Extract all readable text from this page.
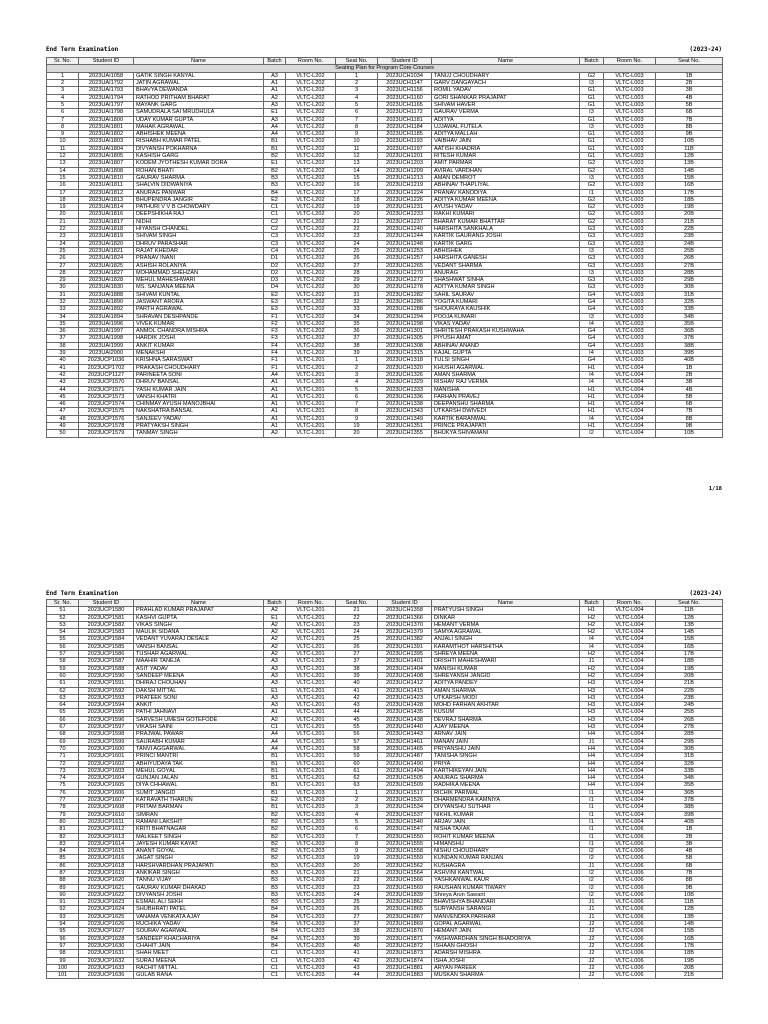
End Term Examination	(2023-24)
Seating Plan for Program Core Courses										
Sr. No.	Student ID	Name	Batch	Room No.	Seat No.	Student ID	Name	Batch	Room No.	Seat No.
1	2023UAI1058	GATIK SINGH KANYAL	A3	VLTC-L202	1	2023UCH1034	TANUJ CHOUDHARY	G2	VLTC-L003	1B
2	2023UAI1792	JATIN AGRAWAL	A1	VLTC-L202	2	2023UCH1147	GARV DANGAYACH	I3	VLTC-L003	2B
3	2023UAI1793	BHAVYA DEWANDA	A1	VLTC-L202	3	2023UCH1156	ROMIL YADAV	G1	VLTC-L003	3B
4	2023UAI1794	RATHOD PRITHAM BHARAT	A2	VLTC-L202	4	2023UCH1160	GORI SHANKAR PRAJAPAT	G1	VLTC-L003	4B
5	2023UAI1797	MAYANK GARG	A3	VLTC-L202	5	2023UCH1165	SHIVAM HAVER	G1	VLTC-L003	5B
6	2023UAI1798	SAMUDRALA SAI MRUDHULA	E1	VLTC-L202	6	2023UCH1172	GAURAV VERMA	I3	VLTC-L003	6B
7	2023UAI1800	UDAY KUMAR GUPTA	A3	VLTC-L202	7	2023UCH1181	ADITYA	G1	VLTC-L003	7B
8	2023UAI1801	MAHAK AGRAWAL	A4	VLTC-L202	8	2023UCH1184	UJJAWAL FUTELA	I3	VLTC-L003	8B
9	2023UAI1802	ABHISHEK MEENA	A4	VLTC-L202	9	2023UCH1185	ADITYA MALLAH	G1	VLTC-L003	9B
10	2023UAI1803	RISHABH KUMAR PATEL	B1	VLTC-L202	10	2023UCH1193	VAIBHAV JAIN	G1	VLTC-L003	10B
11	2023UAI1804	DIVYANSH POKHARNA	B1	VLTC-L202	11	2023UCH1197	AATISH KHADRIA	G1	VLTC-L003	11B
12	2023UAI1805	KASHISH GARG	B2	VLTC-L202	12	2023UCH1201	RITESH KUMAR	G1	VLTC-L003	12B
13	2023UAI1807	KODEM JYOTHESH KUMAR DORA	E1	VLTC-L202	13	2023UCH1203	AMIT PARMAR	G2	VLTC-L003	13B
14	2023UAI1808	ROHAN BHATI	B2	VLTC-L202	14	2023UCH1209	AVIRAL VARDHAN	G2	VLTC-L003	14B
15	2023UAI1810	GAURAV SHARMA	B3	VLTC-L202	15	2023UCH1213	AMAN DEMROT	I3	VLTC-L003	15B
16	2023UAI1811	SHALVIN DIDWANIYA	B3	VLTC-L202	16	2023UCH1219	ABHINAV THAPLIYAL	G2	VLTC-L003	16B
17	2023UAI1812	ANURAG PANWAR	B4	VLTC-L202	17	2023UCH1224	PRANAV KANODIYA	I1	VLTC-L003	17B
18	2023UAI1813	BHUPENDRA JANGIR	E2	VLTC-L202	18	2023UCH1226	ADITYA KUMAR MEENA	G2	VLTC-L003	18B
19	2023UAI1814	PATHURI V V B CHOWDARY	C1	VLTC-L202	19	2023UCH1231	AYUSH YADAV	G2	VLTC-L003	19B
20	2023UAI1816	DEEPSHIKHA RAJ	C1	VLTC-L202	20	2023UCH1233	RAKHI KUMARI	G2	VLTC-L003	20B
21	2023UAI1817	NIDHI	C2	VLTC-L202	21	2023UCH1237	BHARAT KUMAR BHATTAR	G2	VLTC-L003	21B
22	2023UAI1818	HIYANSH CHANDEL	C2	VLTC-L202	22	2023UCH1240	HARSHITA SANKHALA	G3	VLTC-L003	22B
23	2023UAI1819	SHIVAM SINGH	C3	VLTC-L202	23	2023UCH1244	KARTIK GAURANG JOSHI	G3	VLTC-L003	23B
24	2023UAI1820	DHRUV PARASHAR	C3	VLTC-L202	24	2023UCH1248	KARTIK GARG	G3	VLTC-L003	24B
25	2023UAI1821	RAJAT KHEDAR	C4	VLTC-L202	25	2023UCH1253	ABHISHEK	I3	VLTC-L003	25B
26	2023UAI1824	PRANAV INANI	D1	VLTC-L202	26	2023UCH1257	HARSHITA GANESH	G3	VLTC-L003	26B
27	2023UAI1825	ASHISH ROLANIYA	D2	VLTC-L202	27	2023UCH1265	VEDANT SHARMA	G3	VLTC-L003	27B
28	2023UAI1827	MOHAMMAD SHEHZAN	D2	VLTC-L202	28	2023UCH1270	ANURAG	I3	VLTC-L003	28B
29	2023UAI1828	MEHUL MAHESHWARI	D3	VLTC-L202	29	2023UCH1272	SHASHWAT SINHA	G3	VLTC-L003	29B
30	2023UAI1830	MS. SANJANA MEENA	D4	VLTC-L202	30	2023UCH1278	ADITYA KUMAR SINGH	G3	VLTC-L003	30B
31	2023UAI1888	SHIVAM KUNTAL	E2	VLTC-L202	31	2023UCH1282	SAHIL SAURAV	G4	VLTC-L003	31B
32	2023UAI1890	JASWANT ARORA	E3	VLTC-L202	32	2023UCH1286	YOGITA KUMARI	G4	VLTC-L003	32B
33	2023UAI1892	PARTH AGRAWAL	E3	VLTC-L202	33	2023UCH1288	SHOURAYA KAUSHIK	G4	VLTC-L003	33B
34	2023UAI1894	SHRAVAN DESHPANDE	F1	VLTC-L202	34	2023UCH1294	POOJA KUMARI	I3	VLTC-L003	34B
35	2023UAI1996	VIVEK KUMAR	F2	VLTC-L202	35	2023UCH1298	VIKAS YADAV	I4	VLTC-L003	35B
36	2023UAI1997	ANMOL CHANDRA MISHRA	F3	VLTC-L202	36	2023UCH1301	SHRITESH PRAKASH KUSHWAHA	G4	VLTC-L003	36B
37	2023UAI1998	HARDIK JOSHI	F3	VLTC-L202	37	2023UCH1305	PIYUSH AMAT	G4	VLTC-L003	37B
38	2023UAI1999	ANKIT KUMAR	F4	VLTC-L202	38	2023UCH1308	ABHINAV ANAND	G4	VLTC-L003	38B
39	2023UAI2000	MENAKSHI	F4	VLTC-L202	39	2023UCH1315	KAJAL GUPTA	I4	VLTC-L003	39B
40	2023UCP1036	KRISHNA SARASWAT	F1	VLTC-L201	1	2023UCH1318	TULSI SINGH	G4	VLTC-L003	40B
41	2023UCP1702	PRAKASH CHOUDHARY	F1	VLTC-L201	2	2023UCH1320	KHUSHI AGARWAL	H1	VLTC-L004	1B
42	2023UCP1127	PARINEETA SONI	A4	VLTC-L201	3	2023UCH1326	AMAN SHARMA	I4	VLTC-L004	2B
43	2023UCP1570	DHRUV BANSAL	A1	VLTC-L201	4	2023UCH1329	RISHAV RAJ VERMA	I4	VLTC-L004	3B
44	2023UCP1571	YASH KUMAR JAIN	A1	VLTC-L201	5	2023UCH1333	MANISHA	H1	VLTC-L004	4B
45	2023UCP1573	VANSH KHATRI	A1	VLTC-L201	6	2023UCH1336	FARHAN PRAVEJ	H1	VLTC-L004	5B
46	2023UCP1574	CHINMAY AYUSH MANOJBHAI	A1	VLTC-L201	7	2023UCH1338	DEEPANSHU SHARMA	H1	VLTC-L004	6B
47	2023UCP1575	NAKSHATRA BANSAL	A1	VLTC-L201	8	2023UCH1343	UTKARSH DWIVEDI	H1	VLTC-L004	7B
48	2023UCP1576	SANJEEV YADAV	A1	VLTC-L201	9	2023UCH1349	KARTIK BARANWAL	I4	VLTC-L004	8B
49	2023UCP1578	PRATYAKSH SINGH	A1	VLTC-L201	19	2023UCH1351	PRINCE PRAJAPATI	H1	VLTC-L004	9B
50	2023UCP1579	TANMAY SINGH	A2	VLTC-L201	20	2023UCH1355	BHUKYA SHIVAMANI	I2	VLTC-L004	10B
1/18
End Term Examination	(2023-24)
Sr. No.	Student ID	Name	Batch	Room No.	Seat No.	Student ID	Name	Batch	Room No.	Seat No.
51	2023UCP1580	PRAHLAD KUMAR PRAJAPAT	A2	VLTC-L201	21	2023UCH1358	PRATYUSH SINGH	H1	VLTC-L004	11B
52	2023UCP1581	KASHVI GUPTA	E1	VLTC-L201	22	2023UCH1366	DINKAR	H2	VLTC-L004	12B
53	2023UCP1582	VIKAS SINGH	A2	VLTC-L201	23	2023UCH1370	HEMANT VERMA	H2	VLTC-L004	13B
54	2023UCP1583	MAULIK SIDANA	A2	VLTC-L201	24	2023UCH1379	SAMYA AGRAWAL	H2	VLTC-L004	14B
55	2023UCP1584	VEDANT YUVARAJ DESALE	A2	VLTC-L201	25	2023UCH1382	ANJALI SINGH	I4	VLTC-L004	15B
56	2023UCP1585	VANSH BANSAL	A2	VLTC-L201	26	2023UCH1391	KARAMTHOT HARSHITHA	I4	VLTC-L004	16B
57	2023UCP1586	TUSHAR AGARWAL	A2	VLTC-L201	27	2023UCH1395	SHREYA MEENA	H2	VLTC-L004	17B
58	2023UCP1587	MAAHIR TANEJA	A3	VLTC-L201	37	2023UCH1401	DRISHTI MAHESHWARI	J1	VLTC-L004	18B
59	2023UCP1588	ASIT YADAV	A3	VLTC-L201	38	2023UCH1404	MANISH KUMAR	H2	VLTC-L004	19B
60	2023UCP1590	SANDEEP MEENA	A3	VLTC-L201	39	2023UCH1408	SHREYANSH JANGID	H2	VLTC-L004	20B
61	2023UCP1591	DHIRAJ CHOUHAN	A3	VLTC-L201	40	2023UCH1412	ADITYA PANDEY	H3	VLTC-L004	21B
62	2023UCP1592	DAKSH MITTAL	E1	VLTC-L201	41	2023UCH1415	AMAN SHARMA	H3	VLTC-L004	22B
63	2023UCP1593	PRATEEK SONI	A3	VLTC-L201	42	2023UCH1423	UTKARSH MODI	H3	VLTC-L004	23B
64	2023UCP1594	ANKIT	A3	VLTC-L201	43	2023UCH1428	MOHD FARHAN AKHTAR	H3	VLTC-L004	24B
65	2023UCP1595	PATHI JAHNAVI	A1	VLTC-L201	44	2023UCH1435	KUSUM	H3	VLTC-L004	25B
66	2023UCP1596	SARVESH UMESH GOTEFODE	A2	VLTC-L201	45	2023UCH1438	DEVRAJ SHARMA	H3	VLTC-L004	26B
67	2023UCP1597	VIKASH SAINI	C1	VLTC-L201	55	2023UCH1440	AJAY MEENA	H3	VLTC-L004	27B
68	2023UCP1598	PRAJWAL PAWAR	A4	VLTC-L201	56	2023UCH1443	ARNAV JAIN	H4	VLTC-L004	28B
69	2023UCP1599	SAURABH KUMAR	A4	VLTC-L201	57	2023UCH1461	MANAN JAIN	J1	VLTC-L004	29B
70	2023UCP1600	TANVI AGGARWAL	A4	VLTC-L201	58	2023UCH1465	PRIYANSHU JAIN	H4	VLTC-L004	30B
71	2023UCP1601	PRINCI MANTRI	B1	VLTC-L201	59	2023UCH1487	TANISHA SINGH	H4	VLTC-L004	31B
72	2023UCP1602	ABHIYUDAYA TAK	B1	VLTC-L201	60	2023UCH1490	PRIYA	H4	VLTC-L004	32B
73	2023UCP1603	MEHUL GOYAL	B1	VLTC-L201	61	2023UCH1494	KARTHIKEYAN JAIN	H4	VLTC-L004	33B
74	2023UCP1604	GUNJAN JALAN	B1	VLTC-L201	62	2023UCH1505	ANURAG SHARMA	H4	VLTC-L004	34B
75	2023UCP1605	DIYA CHHAWAL	B1	VLTC-L201	63	2023UCH1509	RADHIKA MEENA	H4	VLTC-L004	35B
76	2023UCP1606	SUMIT JANGID	B1	VLTC-L203	1	2023UCH1517	RICHIK PARIWAL	I1	VLTC-L004	36B
77	2023UCP1607	KATRAVATH THARUN	E2	VLTC-L203	2	2023UCH1526	DHARMENDRA KAMNIYA	I1	VLTC-L004	37B
78	2023UCP1608	PRITAM BARMAN	B1	VLTC-L203	3	2023UCH1534	DIVYANSHU SUTHAR	I1	VLTC-L004	38B
79	2023UCP1610	SIMRAN	B2	VLTC-L203	4	2023UCH1537	NIKHIL KUMAR	I1	VLTC-L004	39B
80	2023UCP1611	RAMANI LAKSHIT	B2	VLTC-L203	5	2023UCH1540	ARJAV JAIN	I1	VLTC-L004	40B
81	2023UCP1612	KRITI BHATNAGAR	B2	VLTC-L203	6	2023UCH1547	NISHA TAXAK	I1	VLTC-L006	1B
82	2023UCP1613	MALKEET SINGH	B2	VLTC-L203	7	2023UCH1550	ROHIT KUMAR MEENA	I1	VLTC-L006	2B
83	2023UCP1614	JAYESH KUMAR KAYAT	B2	VLTC-L203	8	2023UCH1555	HIMANSHU	I1	VLTC-L006	3B
84	2023UCP1615	ANANT GOYAL	B2	VLTC-L203	9	2023UCH1558	NISHU CHOUDHARY	I2	VLTC-L006	4B
85	2023UCP1616	JAGAT SINGH	B2	VLTC-L203	19	2023UCH1559	KUNDAN KUMAR RANJAN	I2	VLTC-L006	5B
86	2023UCP1618	HARSHVARDHAN PRAJAPATI	B3	VLTC-L203	20	2023UCH1562	KUSHAGRA	J1	VLTC-L006	6B
87	2023UCP1619	ANKIKAR SINGH	B3	VLTC-L203	21	2023UCH1564	ASHVINI KANTWAL	I2	VLTC-L006	7B
88	2023UCP1620	TANNU VIJAY	B3	VLTC-L203	22	2023UCH1566	YASHKANWAL KAUR	I2	VLTC-L006	8B
89	2023UCP1621	GAURAV KUMAR DHAKAD	B3	VLTC-L203	23	2023UCH1569	RAUSHAN KUMAR TIWARY	I2	VLTC-L006	9B
90	2023UCP1622	DIVYANSH JOSHI	B3	VLTC-L203	24	2023UCH1839	Shreya Arun Sawant	I2	VLTC-L006	10B
91	2023UCP1623	ESMAIL ALI SEKH	B3	VLTC-L203	25	2023UCH1862	BHAVISHYA BHANDARI	J1	VLTC-L006	11B
92	2023UCP1624	SHUBHRATI PATEL	B4	VLTC-L203	26	2023UCH1865	SURYANSH SARANGI	J1	VLTC-L006	12B
93	2023UCP1625	VANAMA VENKATA AJAY	B4	VLTC-L203	27	2023UCH1867	MANVENDRA PARIHAR	J1	VLTC-L006	13B
94	2023UCP1626	RUCHIKA YADAV	B4	VLTC-L203	37	2023UCH1869	GOPAL AGARWAL	J2	VLTC-L006	14B
95	2023UCP1627	SOURAV AGARWAL	B4	VLTC-L203	38	2023UCH1870	HEMANT JAIN	J2	VLTC-L006	15B
96	2023UCP1628	SANDEEP KHACHARIYA	B4	VLTC-L203	39	2023UCH1871	YASHWARDHAN SINGH BHADORIYA	J2	VLTC-L006	16B
97	2023UCP1630	CHAHIT JAIN	B4	VLTC-L203	40	2023UCH1872	ISHAAN GHOSH	J2	VLTC-L006	17B
98	2023UCP1631	SHAH MEET	C1	VLTC-L203	41	2023UCH1873	ADARSH MISHRA	J2	VLTC-L006	18B
99	2023UCP1632	SURAJ MEENA	C1	VLTC-L203	42	2023UCH1874	ISHA JOSHI	J2	VLTC-L006	19B
100	2023UCP1633	RACHIT MITTAL	C1	VLTC-L203	43	2023UCH1881	ARYAN PAREEK	J2	VLTC-L006	20B
101	2023UCP1636	GULAB RANA	C1	VLTC-L203	44	2023UCH1883	MUSKAN SHARMA	J2	VLTC-L006	21B
